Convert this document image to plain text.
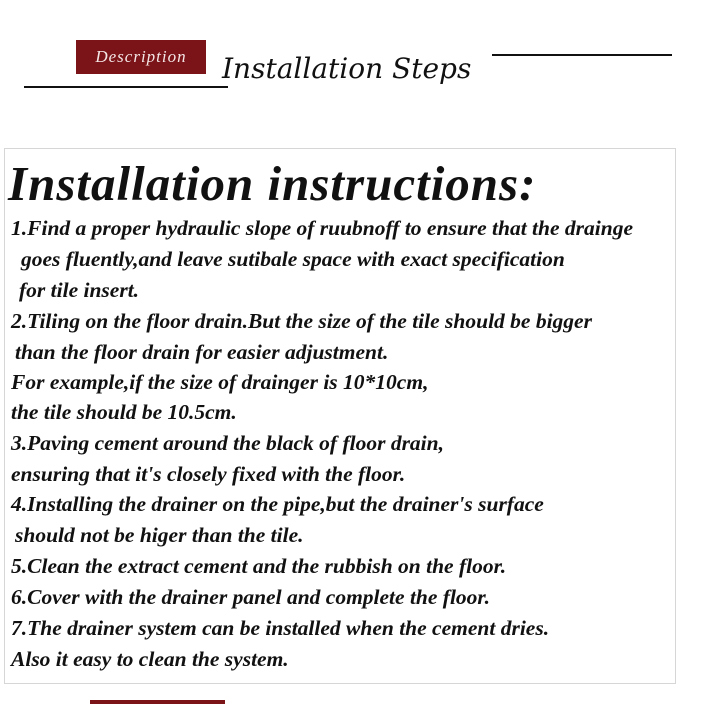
Description	Installation Steps
Installation instructions:
1.Find a proper hydraulic slope of ruubnoff to ensure that the drainge
goes fluently,and leave sutibale space with exact specification
for tile insert.
2.Tiling on the floor drain.But the size of the tile should be bigger
than the floor drain for easier adjustment.
For example,if the size of drainger is 10*10cm,
the tile should be 10.5cm.
3.Paving cement around the black of floor drain,
ensuring that it's closely fixed with the floor.
4.Installing the drainer on the pipe,but the drainer's surface
should not be higer than the tile.
5.Clean the extract cement and the rubbish on the floor.
6.Cover with the drainer panel and complete the floor.
7.The drainer system can be installed when the cement dries.
Also it easy to clean the system.
